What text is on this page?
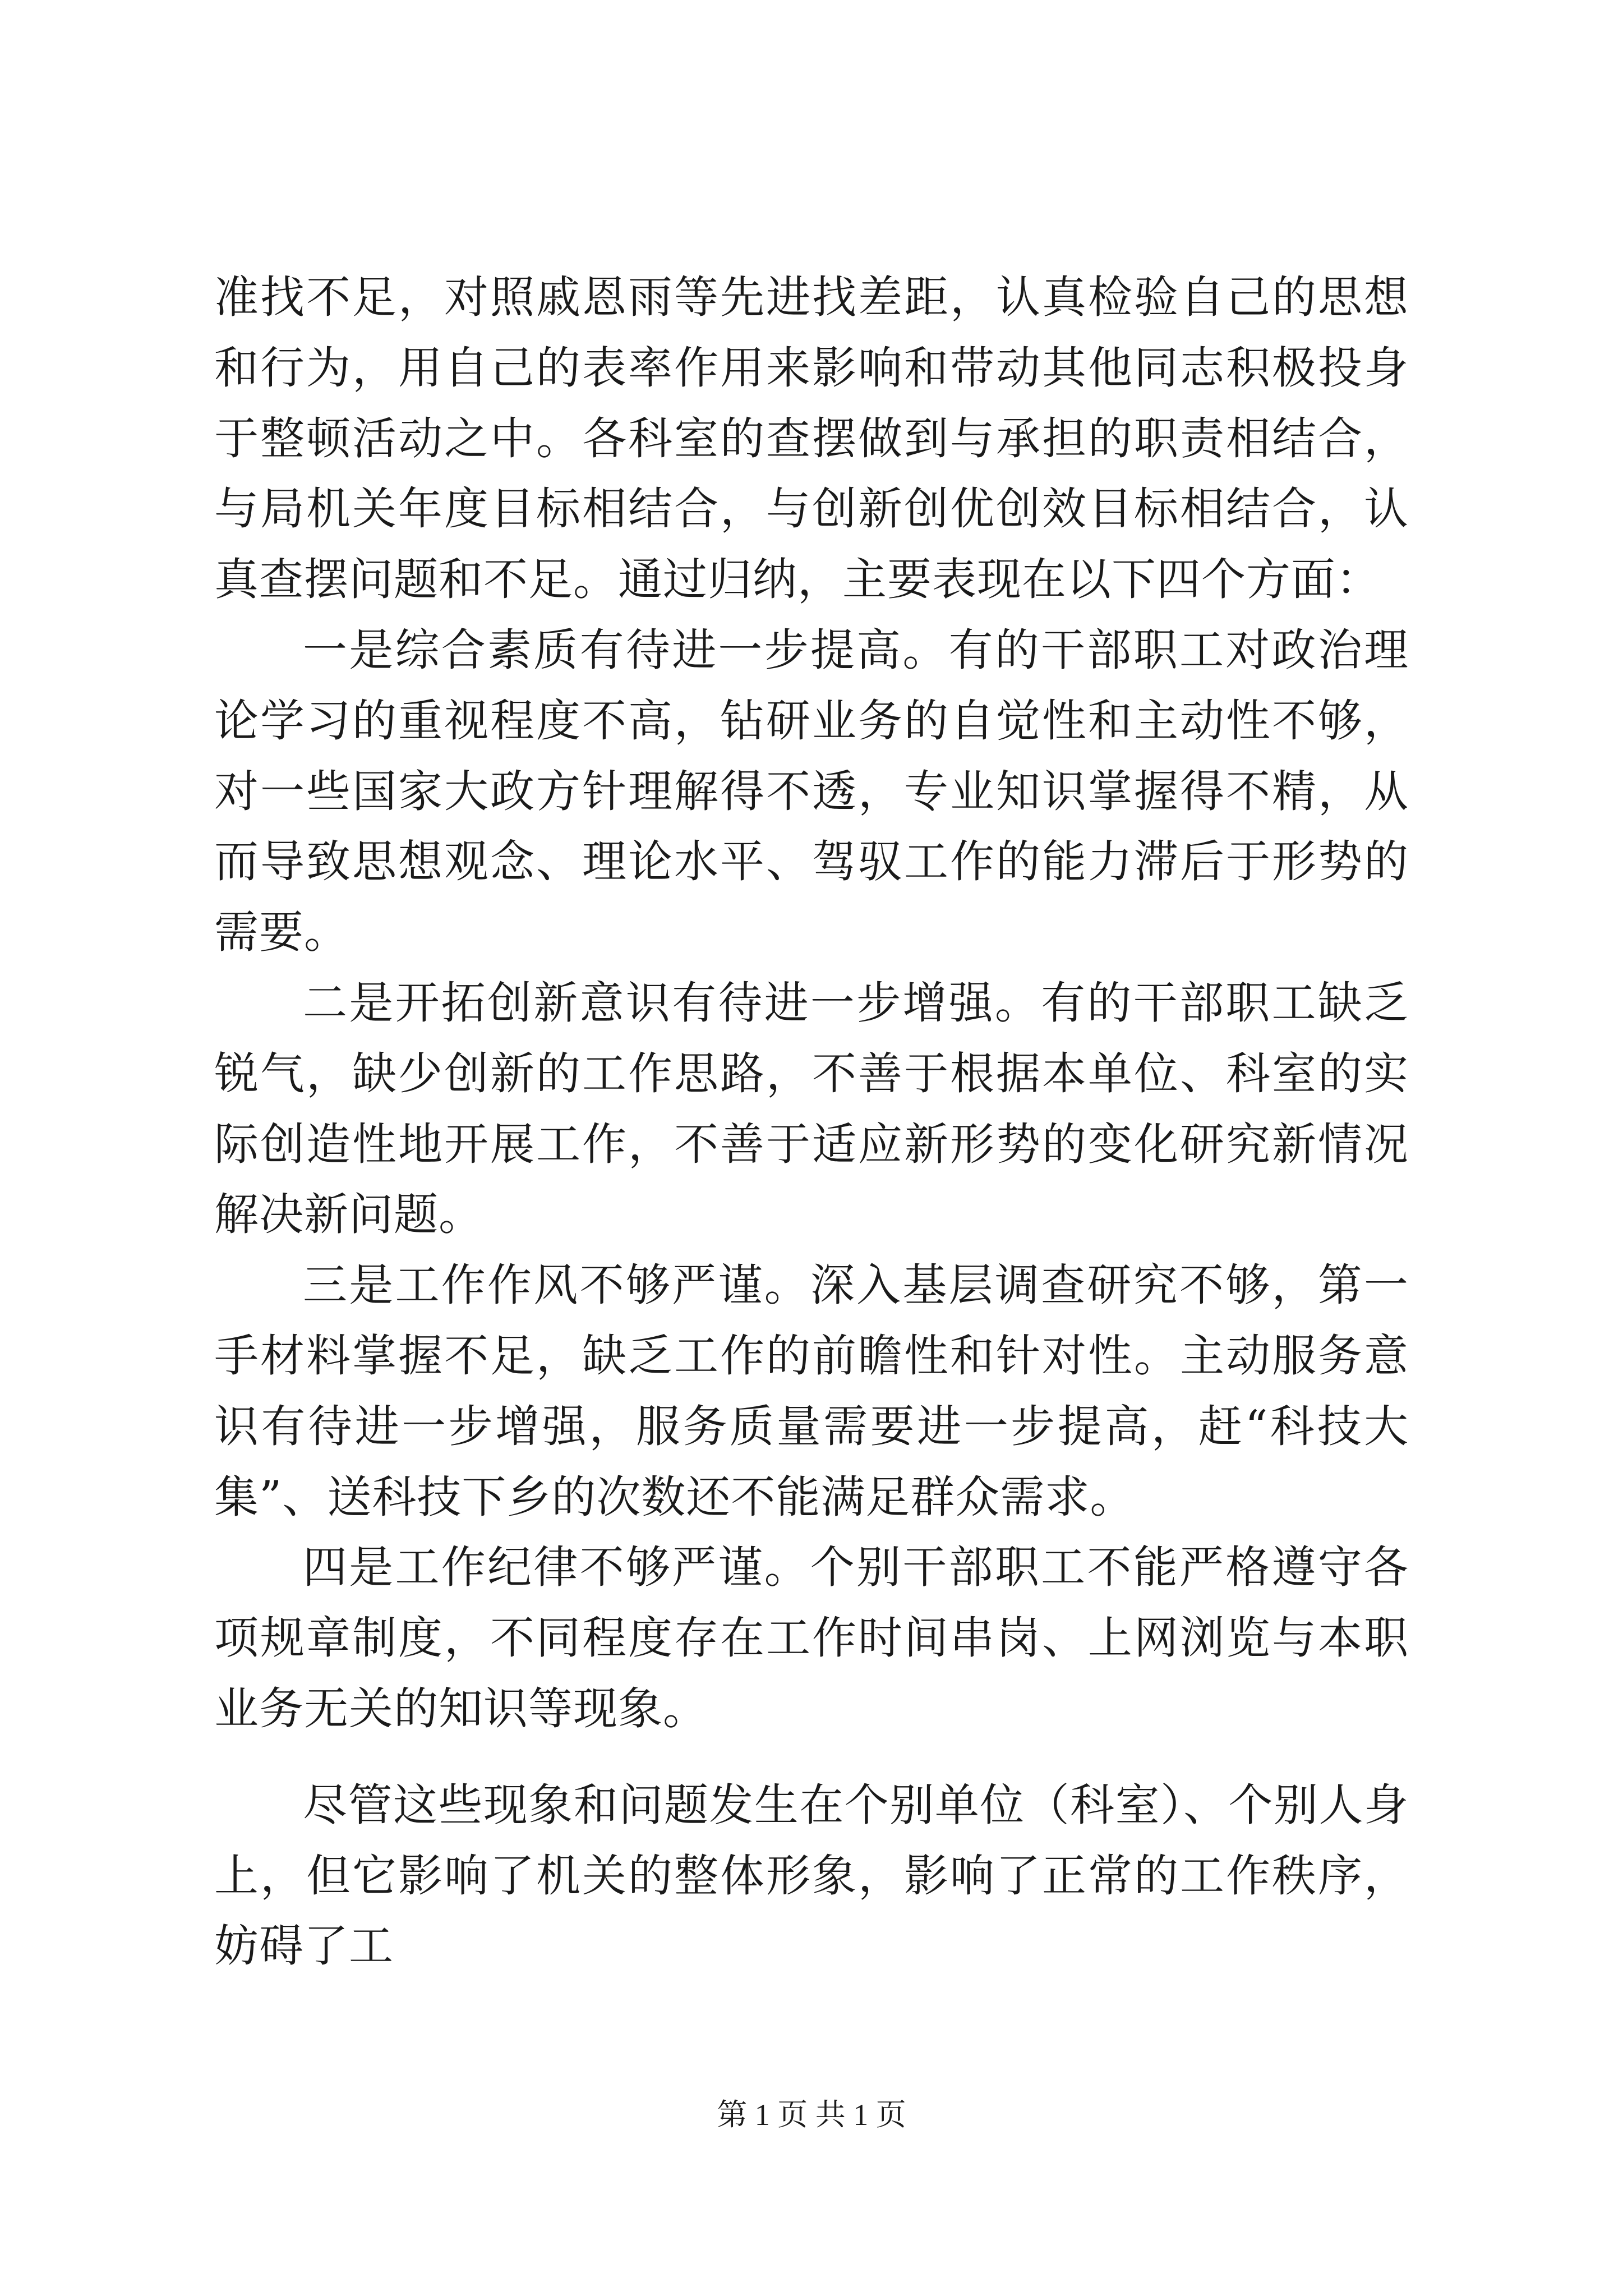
准找不足，对照戚恩雨等先进找差距，认真检验自己的思想和行为，用自己的表率作用来影响和带动其他同志积极投身于整顿活动之中。各科室的查摆做到与承担的职责相结合，与局机关年度目标相结合，与创新创优创效目标相结合，认真查摆问题和不足。通过归纳，主要表现在以下四个方面：

一是综合素质有待进一步提高。有的干部职工对政治理论学习的重视程度不高，钻研业务的自觉性和主动性不够，对一些国家大政方针理解得不透，专业知识掌握得不精，从而导致思想观念、理论水平、驾驭工作的能力滞后于形势的需要。

二是开拓创新意识有待进一步增强。有的干部职工缺乏锐气，缺少创新的工作思路，不善于根据本单位、科室的实际创造性地开展工作，不善于适应新形势的变化研究新情况解决新问题。

三是工作作风不够严谨。深入基层调查研究不够，第一手材料掌握不足，缺乏工作的前瞻性和针对性。主动服务意识有待进一步增强，服务质量需要进一步提高，赶“科技大集”、送科技下乡的次数还不能满足群众需求。

四是工作纪律不够严谨。个别干部职工不能严格遵守各项规章制度，不同程度存在工作时间串岗、上网浏览与本职业务无关的知识等现象。

尽管这些现象和问题发生在个别单位（科室）、个别人身上，但它影响了机关的整体形象，影响了正常的工作秩序，妨碍了工

第 1 页 共 1 页
